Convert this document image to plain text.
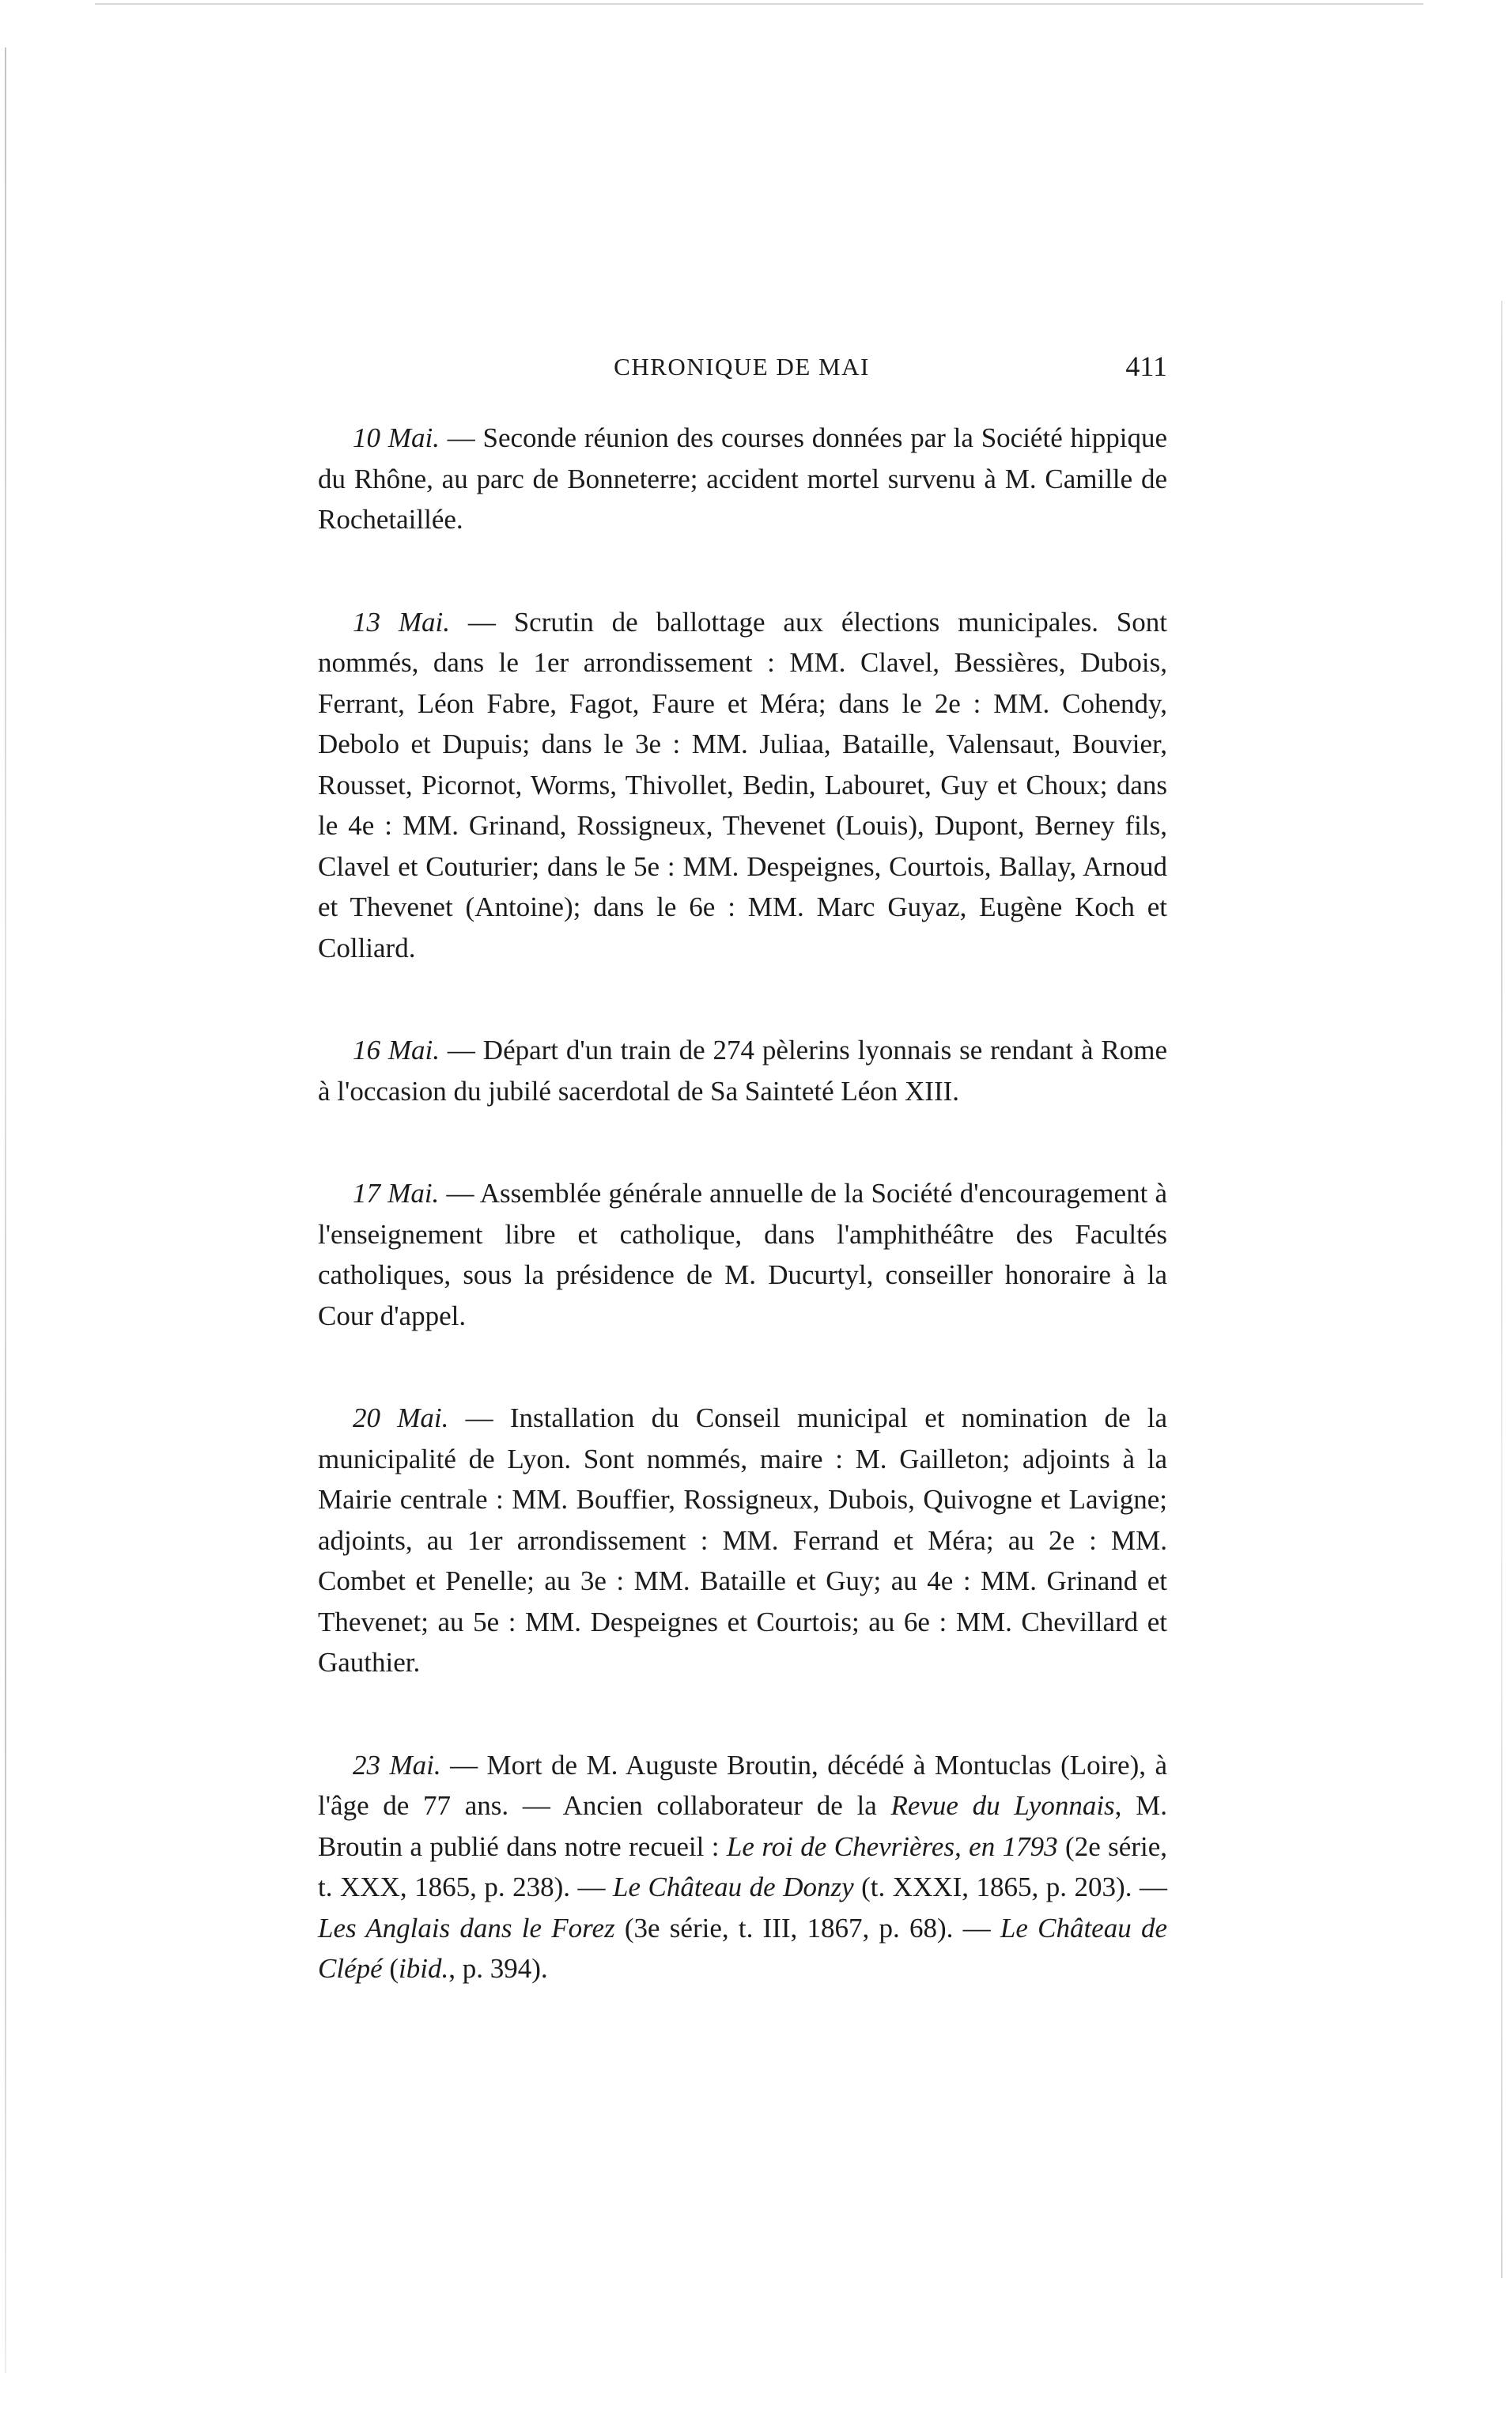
CHRONIQUE DE MAI	411

10 Mai. — Seconde réunion des courses données par la Société hippique du Rhône, au parc de Bonneterre; accident mortel survenu à M. Camille de Rochetaillée.

13 Mai. — Scrutin de ballottage aux élections municipales. Sont nommés, dans le 1er arrondissement : MM. Clavel, Bessières, Dubois, Ferrant, Léon Fabre, Fagot, Faure et Méra; dans le 2e : MM. Cohendy, Debolo et Dupuis; dans le 3e : MM. Juliaa, Bataille, Valensaut, Bouvier, Rousset, Picornot, Worms, Thivollet, Bedin, Labouret, Guy et Choux; dans le 4e : MM. Grinand, Rossigneux, Thevenet (Louis), Dupont, Berney fils, Clavel et Couturier; dans le 5e : MM. Despeignes, Courtois, Ballay, Arnoud et Thevenet (Antoine); dans le 6e : MM. Marc Guyaz, Eugène Koch et Colliard.

16 Mai. — Départ d'un train de 274 pèlerins lyonnais se rendant à Rome à l'occasion du jubilé sacerdotal de Sa Sainteté Léon XIII.

17 Mai. — Assemblée générale annuelle de la Société d'encouragement à l'enseignement libre et catholique, dans l'amphithéâtre des Facultés catholiques, sous la présidence de M. Ducurtyl, conseiller honoraire à la Cour d'appel.

20 Mai. — Installation du Conseil municipal et nomination de la municipalité de Lyon. Sont nommés, maire : M. Gailleton; adjoints à la Mairie centrale : MM. Bouffier, Rossigneux, Dubois, Quivogne et Lavigne; adjoints, au 1er arrondissement : MM. Ferrand et Méra; au 2e : MM. Combet et Penelle; au 3e : MM. Bataille et Guy; au 4e : MM. Grinand et Thevenet; au 5e : MM. Despeignes et Courtois; au 6e : MM. Chevillard et Gauthier.

23 Mai. — Mort de M. Auguste Broutin, décédé à Montuclas (Loire), à l'âge de 77 ans. — Ancien collaborateur de la Revue du Lyonnais, M. Broutin a publié dans notre recueil : Le roi de Chevrières, en 1793 (2e série, t. XXX, 1865, p. 238). — Le Château de Donzy (t. XXXI, 1865, p. 203). — Les Anglais dans le Forez (3e série, t. III, 1867, p. 68). — Le Château de Clépé (ibid., p. 394).
